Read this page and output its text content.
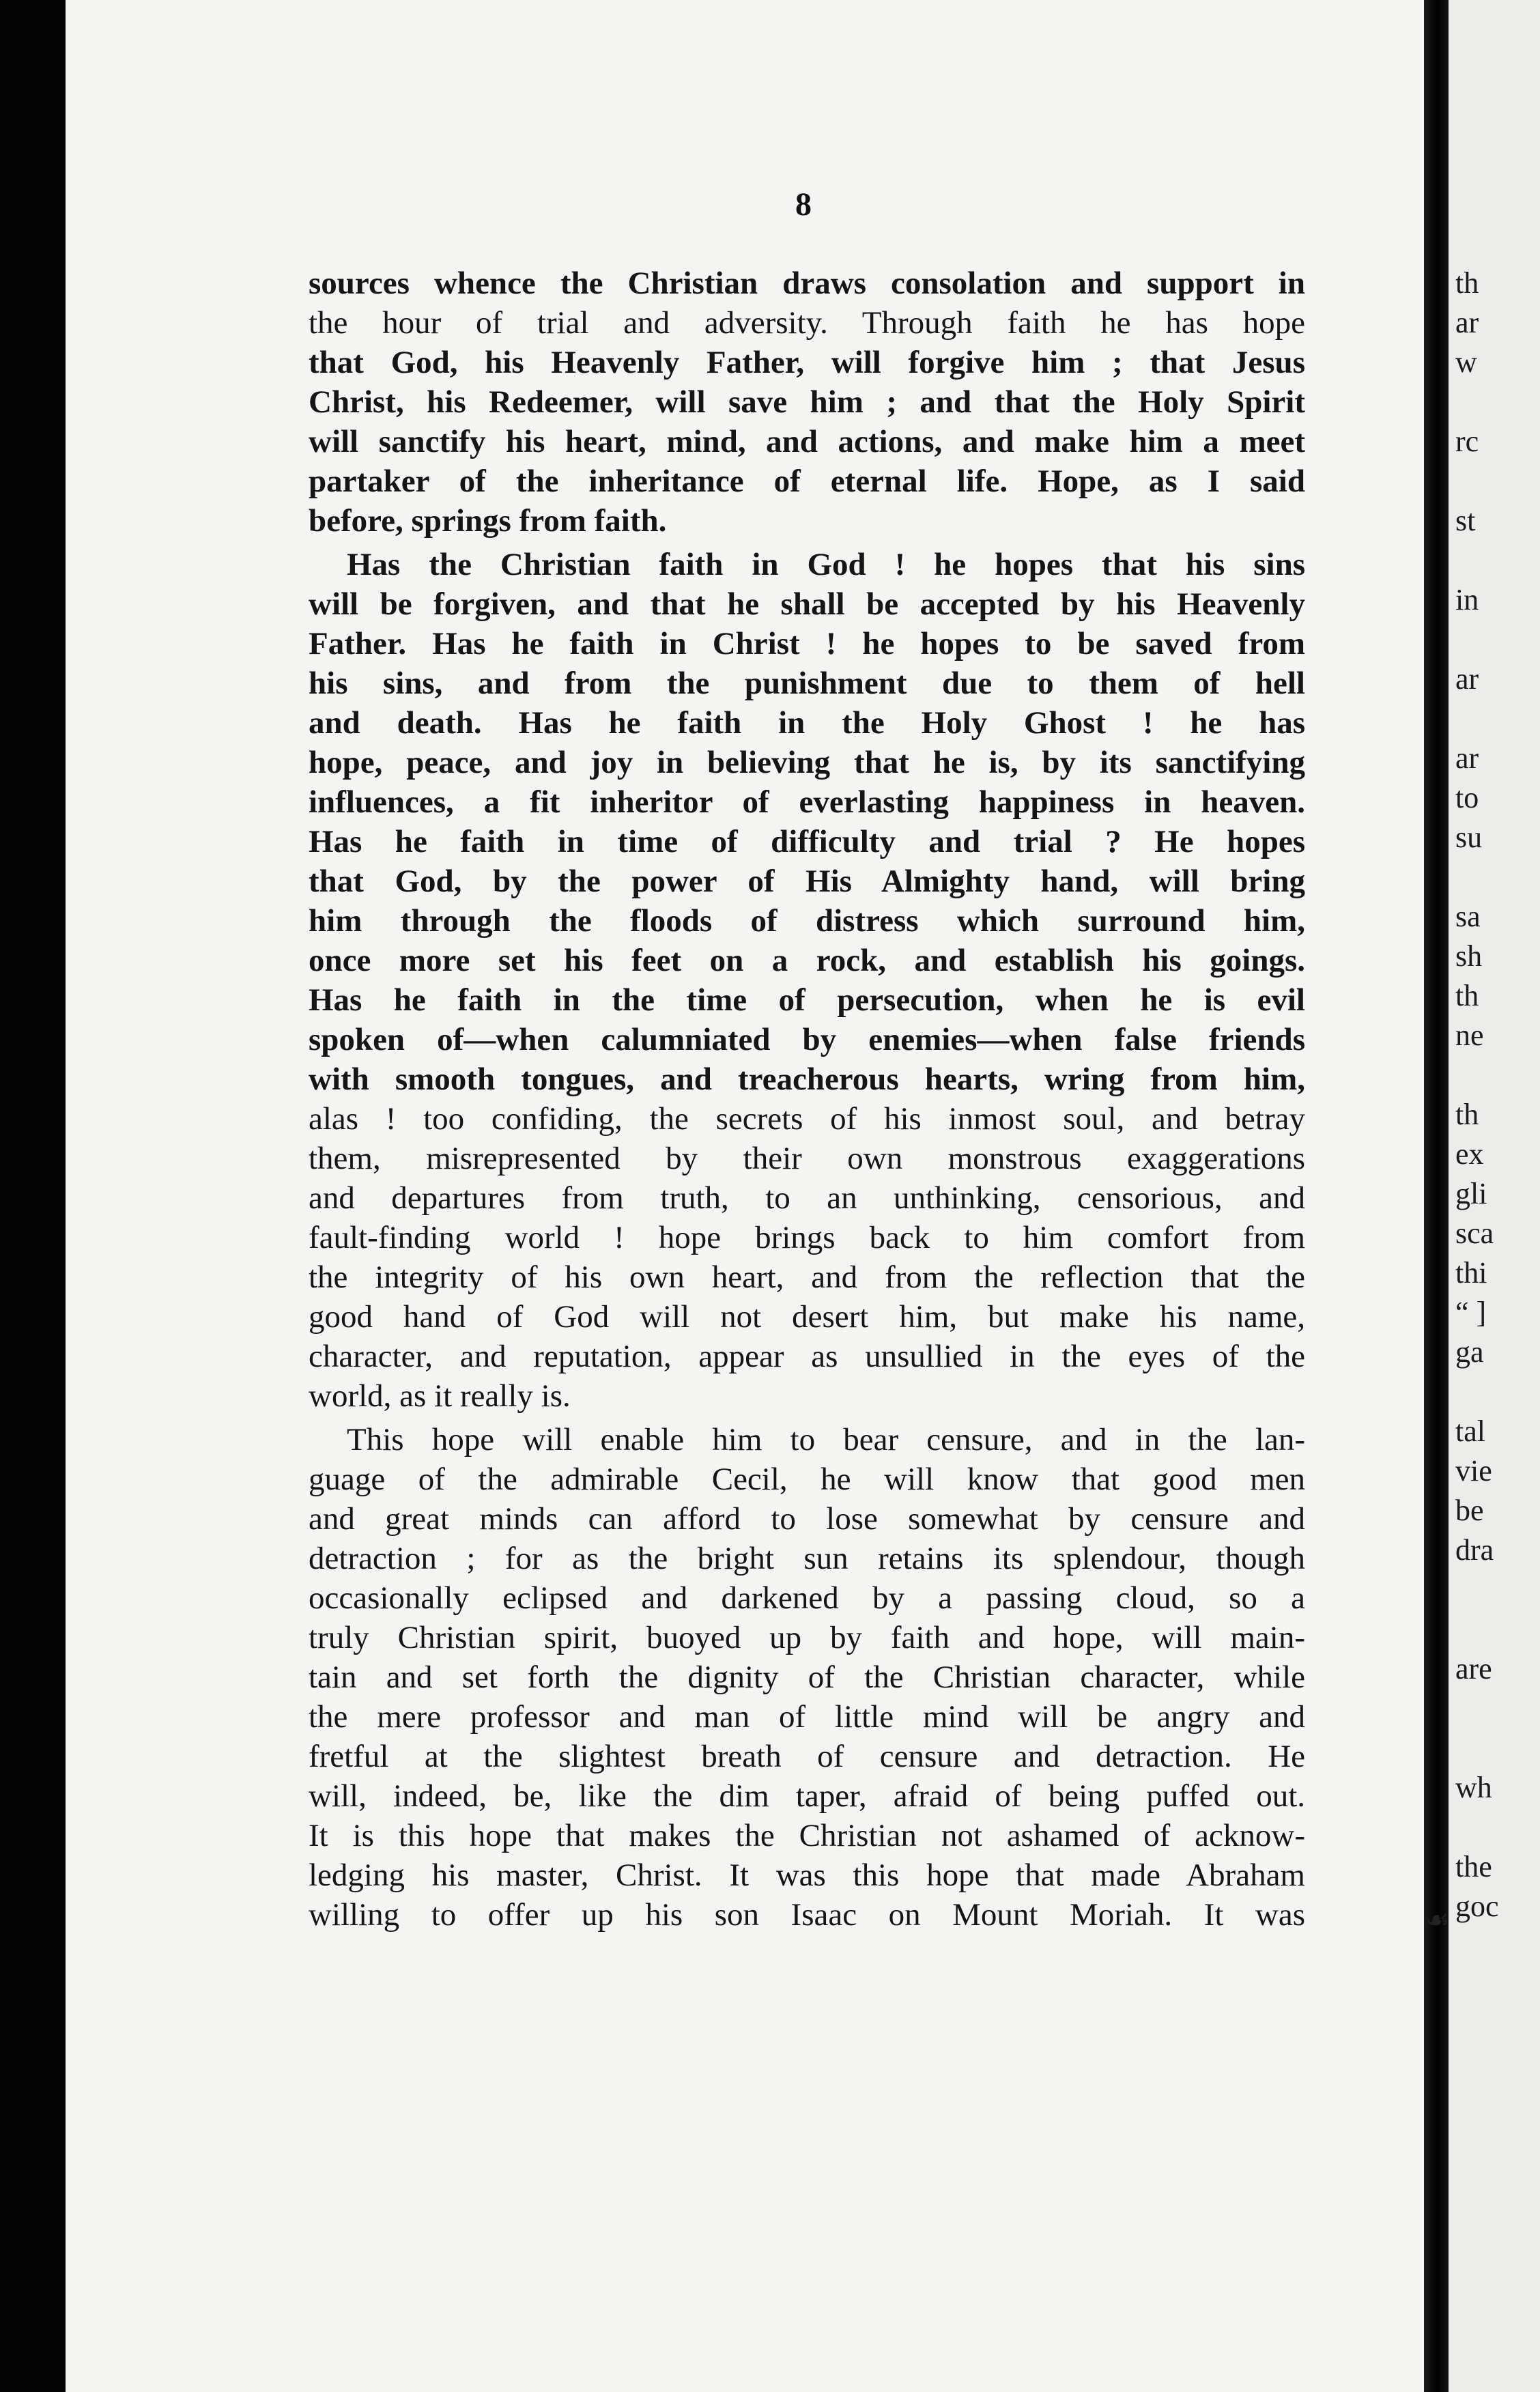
8

sources whence the Christian draws consolation and support in
the hour of trial and adversity. Through faith he has hope
that God, his Heavenly Father, will forgive him ; that Jesus
Christ, his Redeemer, will save him ; and that the Holy Spirit
will sanctify his heart, mind, and actions, and make him a meet
partaker of the inheritance of eternal life. Hope, as I said
before, springs from faith.

Has the Christian faith in God ! he hopes that his sins
will be forgiven, and that he shall be accepted by his Heavenly
Father. Has he faith in Christ ! he hopes to be saved from
his sins, and from the punishment due to them of hell
and death. Has he faith in the Holy Ghost ! he has
hope, peace, and joy in believing that he is, by its sanctifying
influences, a fit inheritor of everlasting happiness in heaven.
Has he faith in time of difficulty and trial ? He hopes
that God, by the power of His Almighty hand, will bring
him through the floods of distress which surround him,
once more set his feet on a rock, and establish his goings.
Has he faith in the time of persecution, when he is evil
spoken of—when calumniated by enemies—when false friends
with smooth tongues, and treacherous hearts, wring from him,
alas ! too confiding, the secrets of his inmost soul, and betray
them, misrepresented by their own monstrous exaggerations
and departures from truth, to an unthinking, censorious, and
fault-finding world ! hope brings back to him comfort from
the integrity of his own heart, and from the reflection that the
good hand of God will not desert him, but make his name,
character, and reputation, appear as unsullied in the eyes of the
world, as it really is.

This hope will enable him to bear censure, and in the lan-
guage of the admirable Cecil, he will know that good men
and great minds can afford to lose somewhat by censure and
detraction ; for as the bright sun retains its splendour, though
occasionally eclipsed and darkened by a passing cloud, so a
truly Christian spirit, buoyed up by faith and hope, will main-
tain and set forth the dignity of the Christian character, while
the mere professor and man of little mind will be angry and
fretful at the slightest breath of censure and detraction. He
will, indeed, be, like the dim taper, afraid of being puffed out.
It is this hope that makes the Christian not ashamed of acknow-
ledging his master, Christ. It was this hope that made Abraham
willing to offer up his son Isaac on Mount Moriah. It was

th
ar
w

rc

st

in

ar

ar
to
su

sa
sh
th
ne

th
ex
gli
sca
thi
“ ]
ga

tal
vie
be
dra

are

wh

the
goc
☙
